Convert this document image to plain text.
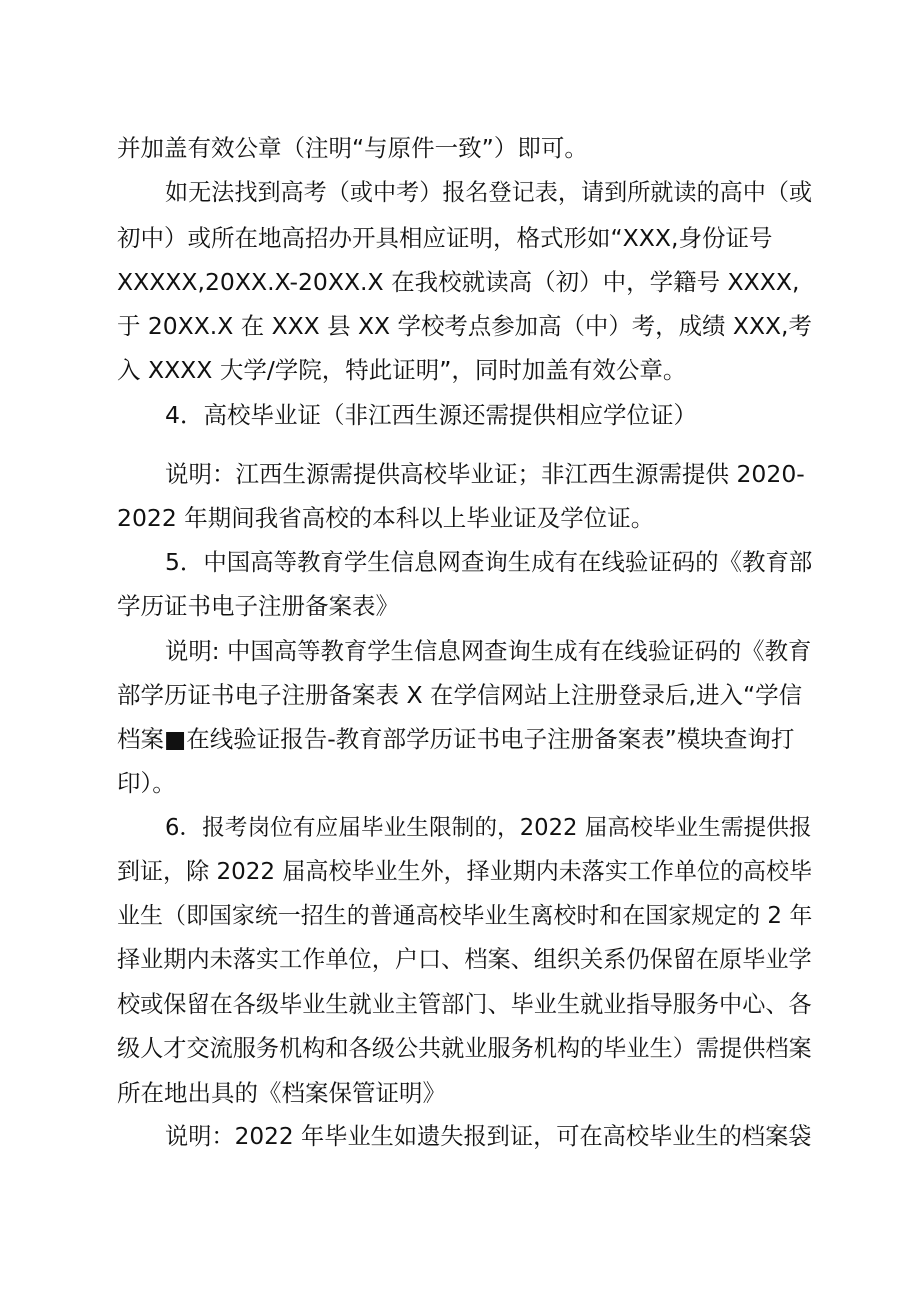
并加盖有效公章（注明“与原件一致”）即可。
如无法找到高考（或中考）报名登记表，请到所就读的高中（或
初中）或所在地高招办开具相应证明，格式形如“XXX,身份证号
XXXXX,20XX.X-20XX.X 在我校就读高（初）中，学籍号 XXXX,
于 20XX.X 在 XXX 县 XX 学校考点参加高（中）考，成绩 XXX,考
入 XXXX 大学/学院，特此证明”，同时加盖有效公章。
4．高校毕业证（非江西生源还需提供相应学位证）
说明：江西生源需提供高校毕业证；非江西生源需提供 2020-
2022 年期间我省高校的本科以上毕业证及学位证。
5．中国高等教育学生信息网查询生成有在线验证码的《教育部
学历证书电子注册备案表》
说明: 中国高等教育学生信息网查询生成有在线验证码的《教育
部学历证书电子注册备案表 X 在学信网站上注册登录后,进入“学信
档案■在线验证报告-教育部学历证书电子注册备案表”模块查询打
印）。
6．报考岗位有应届毕业生限制的，2022 届高校毕业生需提供报
到证，除 2022 届高校毕业生外，择业期内未落实工作单位的高校毕
业生（即国家统一招生的普通高校毕业生离校时和在国家规定的 2 年
择业期内未落实工作单位，户口、档案、组织关系仍保留在原毕业学
校或保留在各级毕业生就业主管部门、毕业生就业指导服务中心、各
级人才交流服务机构和各级公共就业服务机构的毕业生）需提供档案
所在地出具的《档案保管证明》
说明：2022 年毕业生如遗失报到证，可在高校毕业生的档案袋
